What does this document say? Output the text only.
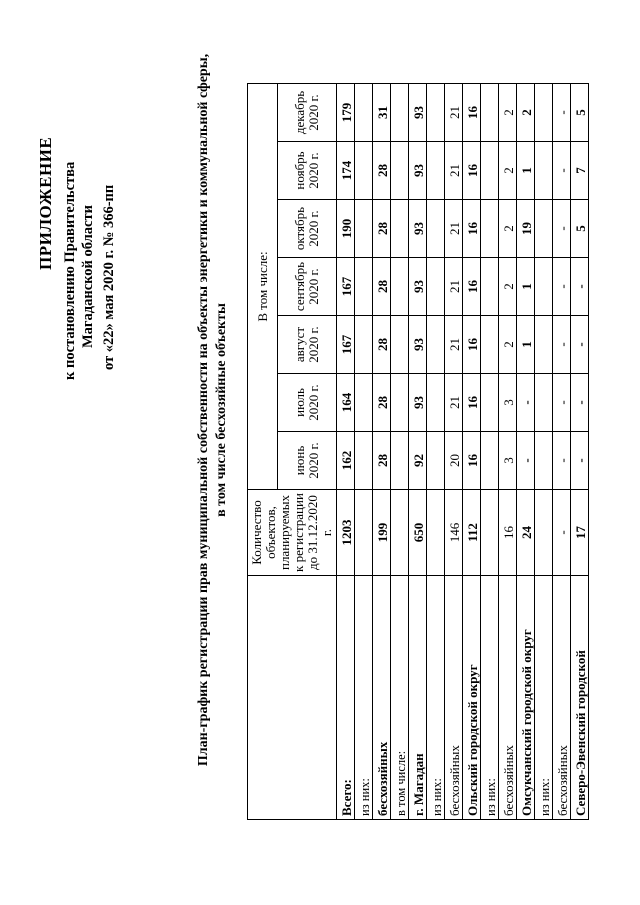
ПРИЛОЖЕНИЕ к постановлению Правительства Магаданской области от «22» мая 2020 г. № 366-пп	План-график регистрации прав муниципальной собственности на объекты энергетики и коммунальной сферы, в том числе бесхозяйные объекты
	Количество объектов, планируемых к регистрации до 31.12.2020 г.	В том числе:						
		июнь 2020 г.	июль 2020 г.	август 2020 г.	сентябрь 2020 г.	октябрь 2020 г.	ноябрь 2020 г.	декабрь 2020 г.
Всего:	1203	162	164	167	167	190	174	179
из них:								
бесхозяйных	199	28	28	28	28	28	28	31
в том числе:								
г. Магадан	650	92	93	93	93	93	93	93
из них:								
бесхозяйных	146	20	21	21	21	21	21	21
Ольский городской округ	112	16	16	16	16	16	16	16
из них:								
бесхозяйных	16	3	3	2	2	2	2	2
Омсукчанский городской округ	24	-	-	1	1	19	1	2
из них:								
бесхозяйных	-	-	-	-	-	-	-	-
Северо-Эвенский городской	17	-	-	-	-	5	7	5
